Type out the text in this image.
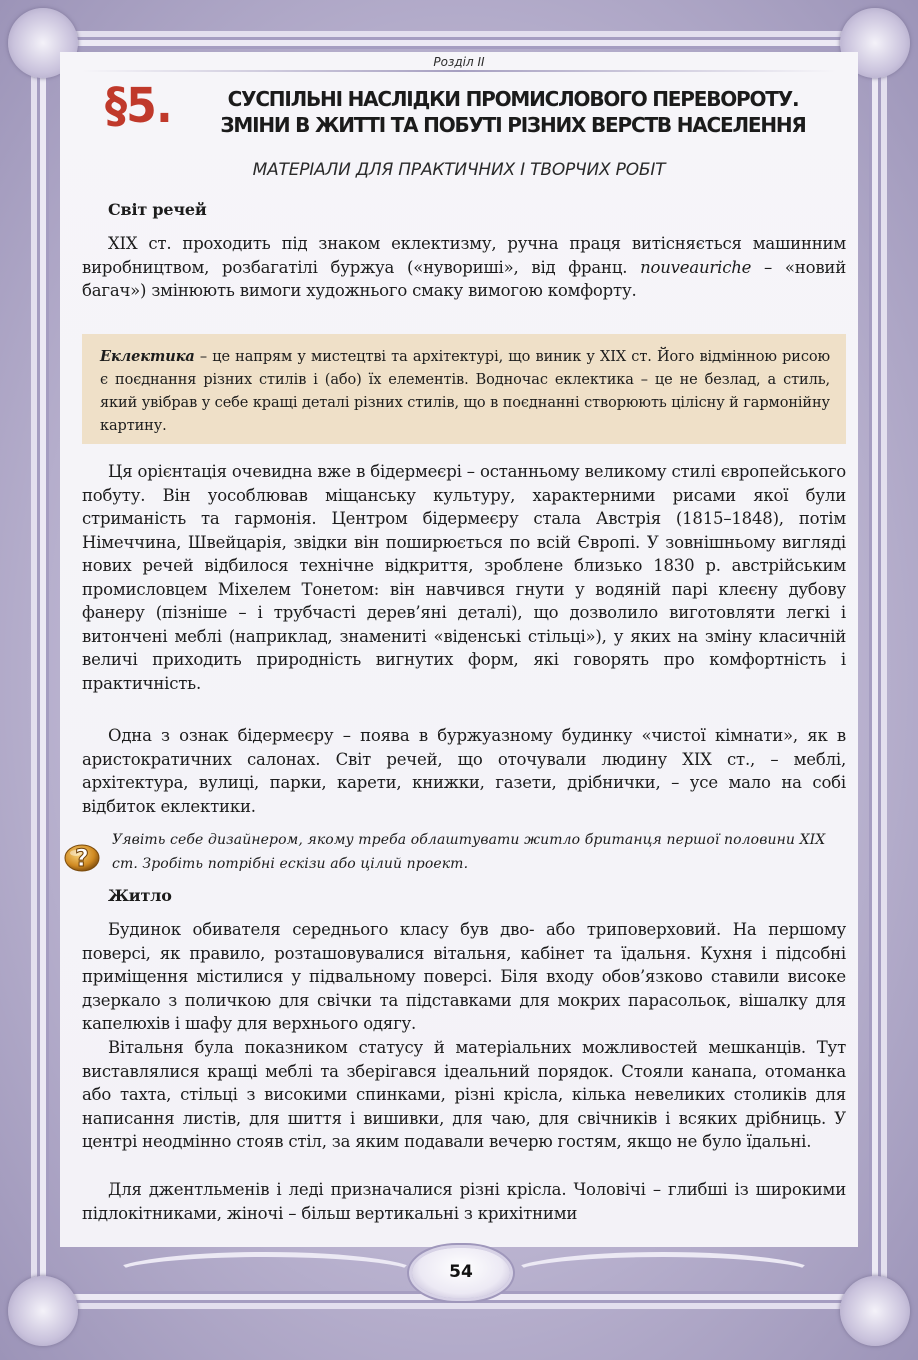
Розділ II
§5.	СУСПІЛЬНІ НАСЛІДКИ ПРОМИСЛОВОГО ПЕРЕВОРОТУ.
ЗМІНИ В ЖИТТІ ТА ПОБУТІ РІЗНИХ ВЕРСТВ НАСЕЛЕННЯ
МАТЕРІАЛИ ДЛЯ ПРАКТИЧНИХ І ТВОРЧИХ РОБІТ
Світ речей
XIX ст. проходить під знаком еклектизму, ручна праця витісняється машинним виробництвом, розбагатілі буржуа («нувориші», від франц. nouveauriche – «новий багач») змінюють вимоги художнього смаку вимогою комфорту.

Еклектика – це напрям у мистецтві та архітектурі, що виник у XIX ст. Його відмінною рисою є поєднання різних стилів і (або) їх елементів. Водночас еклектика – це не безлад, а стиль, який увібрав у себе кращі деталі різних стилів, що в поєднанні створюють цілісну й гармонійну картину.

Ця орієнтація очевидна вже в бідермеєрі – останньому великому стилі європейського побуту. Він уособлював міщанську культуру, характерними рисами якої були стриманість та гармонія. Центром бідермеєру стала Австрія (1815–1848), потім Німеччина, Швейцарія, звідки він поширюється по всій Європі. У зовнішньому вигляді нових речей відбилося технічне відкриття, зроблене близько 1830 р. австрійським промисловцем Міхелем Тонетом: він навчився гнути у водяній парі клеєну дубову фанеру (пізніше – і трубчасті дерев’яні деталі), що дозволило виготовляти легкі і витончені меблі (наприклад, знамениті «віденські стільці»), у яких на зміну класичній величі приходить природність вигнутих форм, які говорять про комфортність і практичність.
Одна з ознак бідермеєру – поява в буржуазному будинку «чистої кімнати», як в аристократичних салонах. Світ речей, що оточували людину XIX ст., – меблі, архітектура, вулиці, парки, карети, книжки, газети, дрібнички, – усе мало на собі відбиток еклектики.
?
Уявіть себе дизайнером, якому треба облаштувати житло британця першої половини XIX ст. Зробіть потрібні ескізи або цілий проект.
Житло
Будинок обивателя середнього класу був дво- або триповерховий. На першому поверсі, як правило, розташовувалися вітальня, кабінет та їдальня. Кухня і підсобні приміщення містилися у підвальному поверсі. Біля входу обов’язково ставили високе дзеркало з поличкою для свічки та підставками для мокрих парасольок, вішалку для капелюхів і шафу для верхнього одягу.
Вітальня була показником статусу й матеріальних можливостей мешканців. Тут виставлялися кращі меблі та зберігався ідеальний порядок. Стояли канапа, отоманка або тахта, стільці з високими спинками, різні крісла, кілька невеликих столиків для написання листів, для шиття і вишивки, для чаю, для свічників і всяких дрібниць. У центрі неодмінно стояв стіл, за яким подавали вечерю гостям, якщо не було їдальні.
Для джентльменів і леді призначалися різні крісла. Чоловічі – глибші із широкими підлокітниками, жіночі – більш вертикальні з крихітними
54
